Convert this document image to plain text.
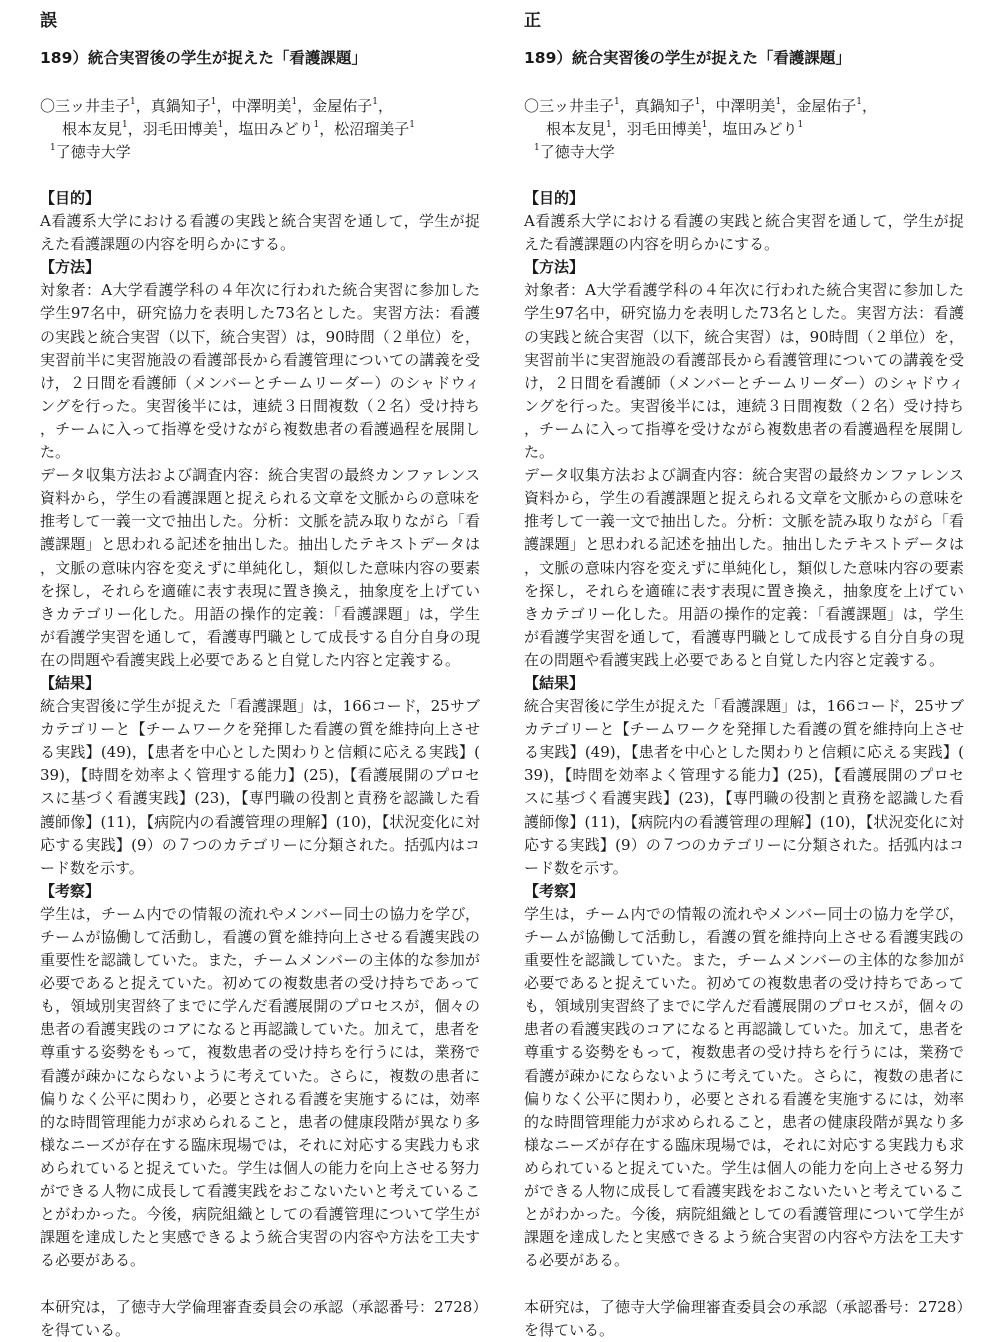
誤

189）統合実習後の学生が捉えた「看護課題」

〇三ッ井圭子$^1$，真鍋知子$^1$，中澤明美$^1$，金屋佑子$^1$，
根本友見$^1$，羽毛田博美$^1$，塩田みどり$^1$，松沼瑠美子$^1$
$^1$了徳寺大学
【目的】
A看護系大学における看護の実践と統合実習を通して，学生が捉えた看護課題の内容を明らかにする。
【方法】
対象者：A大学看護学科の４年次に行われた統合実習に参加した学生97名中，研究協力を表明した73名とした。実習方法：看護の実践と統合実習（以下，統合実習）は，90時間（２単位）を，実習前半に実習施設の看護部長から看護管理についての講義を受け，２日間を看護師（メンバーとチームリーダー）のシャドウィングを行った。実習後半には，連続３日間複数（２名）受け持ち，チームに入って指導を受けながら複数患者の看護過程を展開した。
データ収集方法および調査内容：統合実習の最終カンファレンス資料から，学生の看護課題と捉えられる文章を文脈からの意味を推考して一義一文で抽出した。分析：文脈を読み取りながら「看護課題」と思われる記述を抽出した。抽出したテキストデータは，文脈の意味内容を変えずに単純化し，類似した意味内容の要素を探し，それらを適確に表す表現に置き換え，抽象度を上げていきカテゴリー化した。用語の操作的定義：「看護課題」は，学生が看護学実習を通して，看護専門職として成長する自分自身の現在の問題や看護実践上必要であると自覚した内容と定義する。
【結果】
統合実習後に学生が捉えた「看護課題」は，166コード，25サブカテゴリーと【チームワークを発揮した看護の質を維持向上させる実践】(49)，【患者を中心とした関わりと信頼に応える実践】(39)，【時間を効率よく管理する能力】(25)，【看護展開のプロセスに基づく看護実践】(23)，【専門職の役割と責務を認識した看護師像】(11)，【病院内の看護管理の理解】(10)，【状況変化に対応する実践】(9）の７つのカテゴリーに分類された。括弧内はコード数を示す。
【考察】
学生は，チーム内での情報の流れやメンバー同士の協力を学び，チームが協働して活動し，看護の質を維持向上させる看護実践の重要性を認識していた。また，チームメンバーの主体的な参加が必要であると捉えていた。初めての複数患者の受け持ちであっても，領域別実習終了までに学んだ看護展開のプロセスが，個々の患者の看護実践のコアになると再認識していた。加えて，患者を尊重する姿勢をもって，複数患者の受け持ちを行うには，業務で看護が疎かにならないように考えていた。さらに，複数の患者に偏りなく公平に関わり，必要とされる看護を実施するには，効率的な時間管理能力が求められること，患者の健康段階が異なり多様なニーズが存在する臨床現場では，それに対応する実践力も求められていると捉えていた。学生は個人の能力を向上させる努力ができる人物に成長して看護実践をおこないたいと考えていることがわかった。今後，病院組織としての看護管理について学生が課題を達成したと実感できるよう統合実習の内容や方法を工夫する必要がある。
本研究は，了徳寺大学倫理審査委員会の承認（承認番号：2728）を得ている。

正

189）統合実習後の学生が捉えた「看護課題」

〇三ッ井圭子$^1$，真鍋知子$^1$，中澤明美$^1$，金屋佑子$^1$，
根本友見$^1$，羽毛田博美$^1$，塩田みどり$^1$
$^1$了徳寺大学
【目的】
A看護系大学における看護の実践と統合実習を通して，学生が捉えた看護課題の内容を明らかにする。
【方法】
対象者：A大学看護学科の４年次に行われた統合実習に参加した学生97名中，研究協力を表明した73名とした。実習方法：看護の実践と統合実習（以下，統合実習）は，90時間（２単位）を，実習前半に実習施設の看護部長から看護管理についての講義を受け，２日間を看護師（メンバーとチームリーダー）のシャドウィングを行った。実習後半には，連続３日間複数（２名）受け持ち，チームに入って指導を受けながら複数患者の看護過程を展開した。
データ収集方法および調査内容：統合実習の最終カンファレンス資料から，学生の看護課題と捉えられる文章を文脈からの意味を推考して一義一文で抽出した。分析：文脈を読み取りながら「看護課題」と思われる記述を抽出した。抽出したテキストデータは，文脈の意味内容を変えずに単純化し，類似した意味内容の要素を探し，それらを適確に表す表現に置き換え，抽象度を上げていきカテゴリー化した。用語の操作的定義：「看護課題」は，学生が看護学実習を通して，看護専門職として成長する自分自身の現在の問題や看護実践上必要であると自覚した内容と定義する。
【結果】
統合実習後に学生が捉えた「看護課題」は，166コード，25サブカテゴリーと【チームワークを発揮した看護の質を維持向上させる実践】(49)，【患者を中心とした関わりと信頼に応える実践】(39)，【時間を効率よく管理する能力】(25)，【看護展開のプロセスに基づく看護実践】(23)，【専門職の役割と責務を認識した看護師像】(11)，【病院内の看護管理の理解】(10)，【状況変化に対応する実践】(9）の７つのカテゴリーに分類された。括弧内はコード数を示す。
【考察】
学生は，チーム内での情報の流れやメンバー同士の協力を学び，チームが協働して活動し，看護の質を維持向上させる看護実践の重要性を認識していた。また，チームメンバーの主体的な参加が必要であると捉えていた。初めての複数患者の受け持ちであっても，領域別実習終了までに学んだ看護展開のプロセスが，個々の患者の看護実践のコアになると再認識していた。加えて，患者を尊重する姿勢をもって，複数患者の受け持ちを行うには，業務で看護が疎かにならないように考えていた。さらに，複数の患者に偏りなく公平に関わり，必要とされる看護を実施するには，効率的な時間管理能力が求められること，患者の健康段階が異なり多様なニーズが存在する臨床現場では，それに対応する実践力も求められていると捉えていた。学生は個人の能力を向上させる努力ができる人物に成長して看護実践をおこないたいと考えていることがわかった。今後，病院組織としての看護管理について学生が課題を達成したと実感できるよう統合実習の内容や方法を工夫する必要がある。
本研究は，了徳寺大学倫理審査委員会の承認（承認番号：2728）を得ている。
